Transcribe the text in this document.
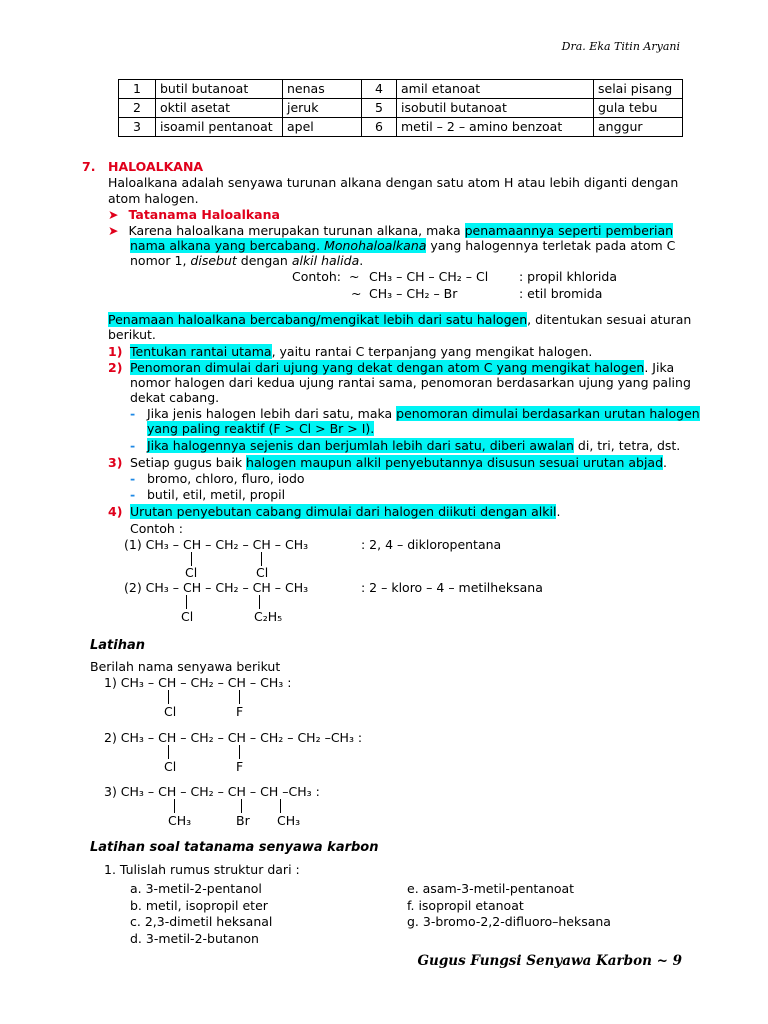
Dra. Eka Titin Aryani
1	butil butanoat	nenas	4	amil etanoat	selai pisang
2	oktil asetat	jeruk	5	isobutil butanoat	gula tebu
3	isoamil pentanoat	apel	6	metil – 2 – amino benzoat	anggur
7. HALOALKANA
Haloalkana adalah senyawa turunan alkana dengan satu atom H atau lebih diganti dengan
atom halogen.
➤ Tatanama Haloalkana
➤ Karena haloalkana merupakan turunan alkana, maka penamaannya seperti pemberian
nama alkana yang bercabang. Monohaloalkana yang halogennya terletak pada atom C
nomor 1, disebut dengan alkil halida.
Contoh: ~ CH₃ – CH – CH₂ – Cl : propil khlorida
~ CH₃ – CH₂ – Br	: etil bromida
Penamaan haloalkana bercabang/mengikat lebih dari satu halogen, ditentukan sesuai aturan
berikut.
1) Tentukan rantai utama, yaitu rantai C terpanjang yang mengikat halogen.
2) Penomoran dimulai dari ujung yang dekat dengan atom C yang mengikat halogen. Jika
nomor halogen dari kedua ujung rantai sama, penomoran berdasarkan ujung yang paling
dekat cabang.
- Jika jenis halogen lebih dari satu, maka penomoran dimulai berdasarkan urutan halogen
yang paling reaktif (F > Cl > Br > I).
- Jika halogennya sejenis dan berjumlah lebih dari satu, diberi awalan di, tri, tetra, dst.
3) Setiap gugus baik halogen maupun alkil penyebutannya disusun sesuai urutan abjad.
- bromo, chloro, fluro, iodo
- butil, etil, metil, propil
4) Urutan penyebutan cabang dimulai dari halogen diikuti dengan alkil.
Contoh :
(1) CH₃ – CH – CH₂ – CH – CH₃
Cl	Cl
: 2, 4 – dikloropentana
(2) CH₃ – CH – CH₂ – CH – CH₃
Cl	C₂H₅
: 2 – kloro – 4 – metilheksana
Latihan
Berilah nama senyawa berikut
1) CH₃ – CH – CH₂ – CH – CH₃ :
Cl	F
2) CH₃ – CH – CH₂ – CH – CH₂ – CH₂ –CH₃ :
Cl	F
3) CH₃ – CH – CH₂ – CH – CH –CH₃ :
CH₃	Br CH₃
Latihan soal tatanama senyawa karbon
1. Tulislah rumus struktur dari :
a. 3-metil-2-pentanol
b. metil, isopropil eter
c. 2,3-dimetil heksanal
d. 3-metil-2-butanon
e. asam-3-metil-pentanoat
f. isopropil etanoat
g. 3-bromo-2,2-difluoro–heksana
Gugus Fungsi Senyawa Karbon ~ 9
